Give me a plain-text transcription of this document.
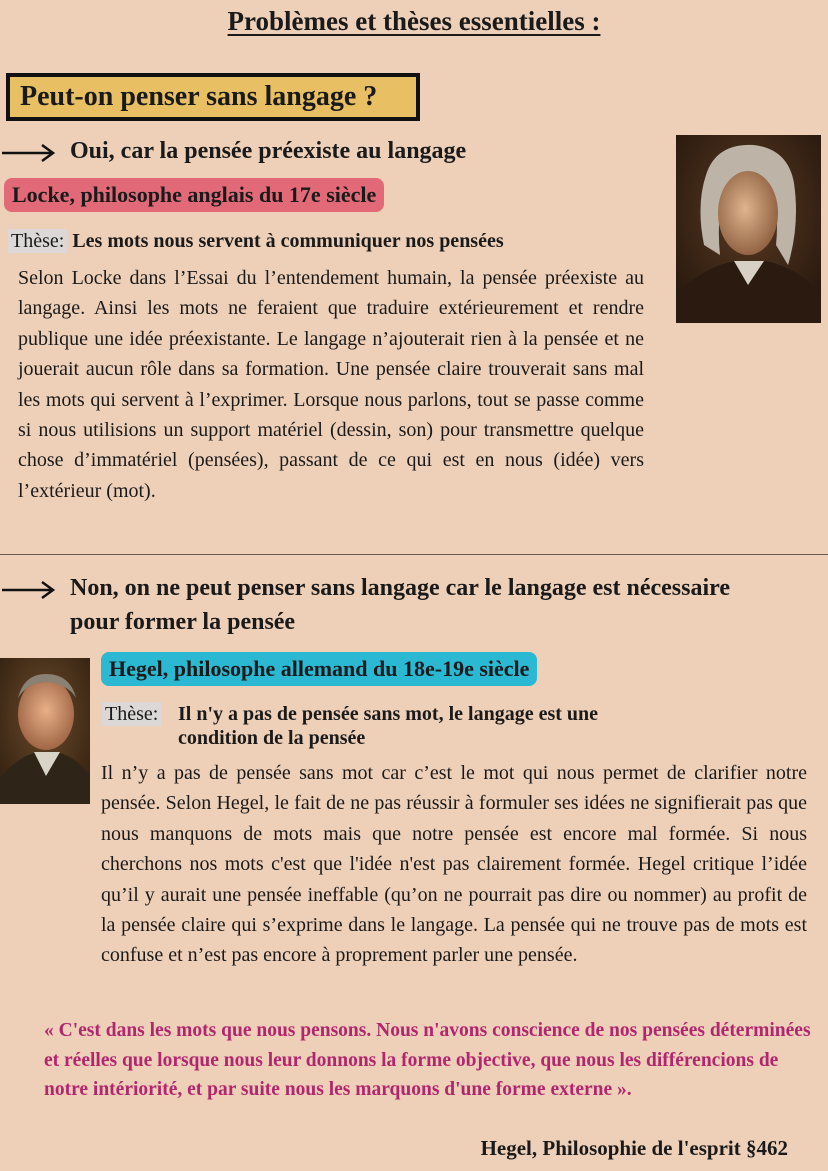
Problèmes et thèses essentielles :
Peut-on penser sans langage ?
Oui, car la pensée préexiste au langage
Locke, philosophe anglais du 17e siècle
Thèse: Les mots nous servent à communiquer nos pensées
Selon Locke dans l’Essai du l’entendement humain, la pensée préexiste au langage. Ainsi les mots ne feraient que traduire extérieurement et rendre publique une idée préexistante. Le langage n’ajouterait rien à la pensée et ne jouerait aucun rôle dans sa formation. Une pensée claire trouverait sans mal les mots qui servent à l’exprimer. Lorsque nous parlons, tout se passe comme si nous utilisions un support matériel (dessin, son) pour transmettre quelque chose d’immatériel (pensées), passant de ce qui est en nous (idée) vers l’extérieur (mot).
Non, on ne peut penser sans langage car le langage est nécessaire
pour former la pensée
Hegel, philosophe allemand du 18e-19e siècle
Thèse: Il n'y a pas de pensée sans mot, le langage est une
condition de la pensée
Il n’y a pas de pensée sans mot car c’est le mot qui nous permet de clarifier notre pensée. Selon Hegel, le fait de ne pas réussir à formuler ses idées ne signifierait pas que nous manquons de mots mais que notre pensée est encore mal formée. Si nous cherchons nos mots c'est que l'idée n'est pas clairement formée. Hegel critique l’idée qu’il y aurait une pensée ineffable (qu’on ne pourrait pas dire ou nommer) au profit de la pensée claire qui s’exprime dans le langage. La pensée qui ne trouve pas de mots est confuse et n’est pas encore à proprement parler une pensée.
« C'est dans les mots que nous pensons. Nous n'avons conscience de nos pensées déterminées et réelles que lorsque nous leur donnons la forme objective, que nous les différencions de notre intériorité, et par suite nous les marquons d'une forme externe ».
Hegel, Philosophie de l'esprit §462
